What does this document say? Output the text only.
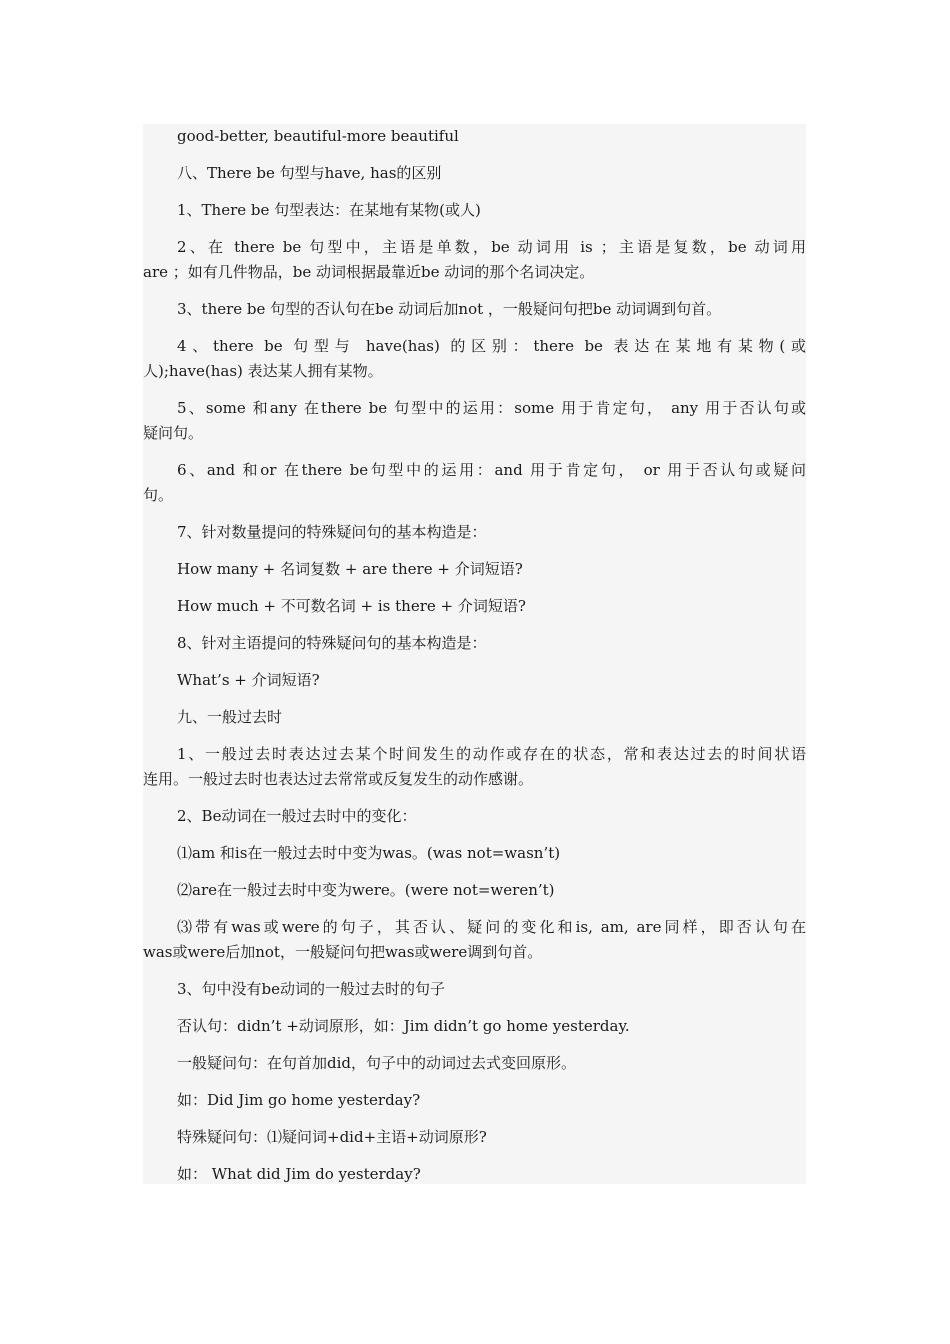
good-better, beautiful-more beautiful
八、There be 句型与have, has的区别
1、There be 句型表达：在某地有某物(或人)
2、在 there be 句型中，主语是单数，be 动词用 is ；主语是复数，be 动词用
are ；如有几件物品，be 动词根据最靠近be 动词的那个名词决定。
3、there be 句型的否认句在be 动词后加not ，一般疑问句把be 动词调到句首。
4、there be 句型与 have(has) 的区别：there be 表达在某地有某物(或
人);have(has) 表达某人拥有某物。
5、some 和any 在there be 句型中的运用：some 用于肯定句， any 用于否认句或
疑问句。
6、and 和or 在there be句型中的运用：and 用于肯定句， or 用于否认句或疑问
句。
7、针对数量提问的特殊疑问句的基本构造是：
How many + 名词复数 + are there + 介词短语?
How much + 不可数名词 + is there + 介词短语?
8、针对主语提问的特殊疑问句的基本构造是：
What’s + 介词短语?
九、一般过去时
1、一般过去时表达过去某个时间发生的动作或存在的状态，常和表达过去的时间状语
连用。一般过去时也表达过去常常或反复发生的动作感谢。
2、Be动词在一般过去时中的变化：
⑴am 和is在一般过去时中变为was。(was not=wasn’t)
⑵are在一般过去时中变为were。(were not=weren’t)
⑶带有was或were的句子，其否认、疑问的变化和is, am, are同样，即否认句在
was或were后加not，一般疑问句把was或were调到句首。
3、句中没有be动词的一般过去时的句子
否认句：didn’t +动词原形，如：Jim didn’t go home yesterday.
一般疑问句：在句首加did，句子中的动词过去式变回原形。
如：Did Jim go home yesterday?
特殊疑问句：⑴疑问词+did+主语+动词原形?
如： What did Jim do yesterday?
